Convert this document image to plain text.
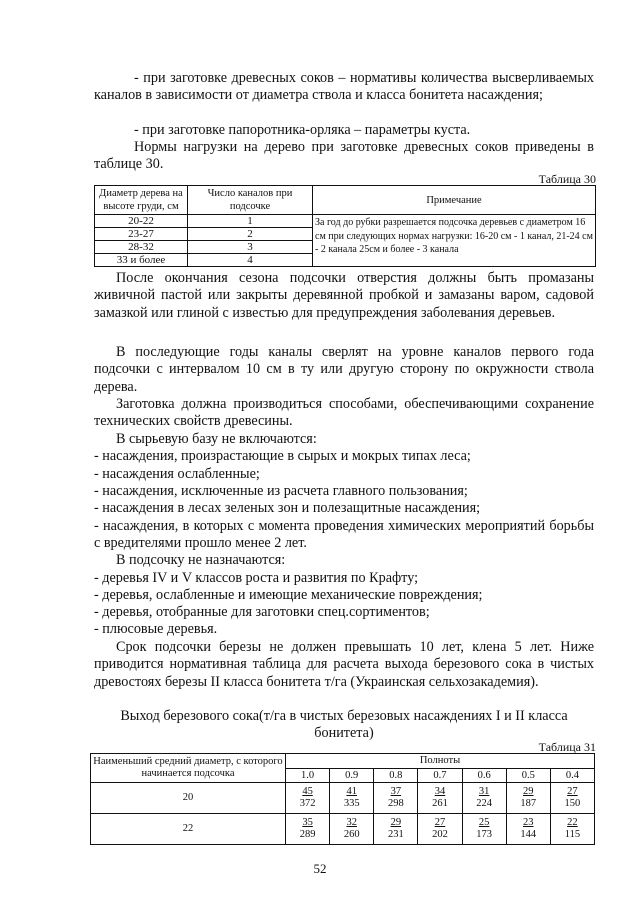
- при заготовке древесных соков – нормативы количества высверливаемых каналов в зависимости от диаметра ствола и класса бонитета насаждения;
- при заготовке папоротника-орляка – параметры куста.
Нормы нагрузки на дерево при заготовке древесных соков приведены в таблице 30.
Таблица 30
Диаметр дерева на высоте груди, см	Число каналов при подсочке	Примечание
20-22	1	За год до рубки разрешается подсочка деревьев с диаметром 16 см при следующих нормах нагрузки: 16-20 см - 1 канал, 21-24 см - 2 канала 25см и более - 3 канала
23-27	2	
28-32	3	
33 и более	4	
После окончания сезона подсочки отверстия должны быть промазаны живичной пастой или закрыты деревянной пробкой и замазаны варом, садовой замазкой или глиной с известью для предупреждения заболевания деревьев.
В последующие годы каналы сверлят на уровне каналов первого года подсочки с интервалом 10 см в ту или другую сторону по окружности ствола дерева.
Заготовка должна производиться способами, обеспечивающими сохранение технических свойств древесины.
В сырьевую базу не включаются:
- насаждения, произрастающие в сырых и мокрых типах леса;
- насаждения ослабленные;
- насаждения, исключенные из расчета главного пользования;
- насаждения в лесах зеленых зон и полезащитные насаждения;
- насаждения, в которых с момента проведения химических мероприятий борьбы с вредителями прошло менее 2 лет.
В подсочку не назначаются:
- деревья IV и V классов роста и развития по Крафту;
- деревья, ослабленные и имеющие механические повреждения;
- деревья, отобранные для заготовки спец.сортиментов;
- плюсовые деревья.
Срок подсочки березы не должен превышать 10 лет, клена 5 лет. Ниже приводится нормативная таблица для расчета выхода березового сока в чистых древостоях березы II класса бонитета т/га (Украинская сельхозакадемия).
Выход березового сока(т/га в чистых березовых насаждениях I и II класса бонитета)
Таблица 31
Наименьший средний диаметр, с которого начинается подсочка	Полноты						
	1.0	0.9	0.8	0.7	0.6	0.5	0.4
20	$\frac{45}{372}$	$\frac{41}{335}$	$\frac{37}{298}$	$\frac{34}{261}$	$\frac{31}{224}$	$\frac{29}{187}$	$\frac{27}{150}$

22	$\frac{35}{289}$	$\frac{32}{260}$	$\frac{29}{231}$	$\frac{27}{202}$	$\frac{25}{173}$	$\frac{23}{144}$	$\frac{22}{115}$
52
